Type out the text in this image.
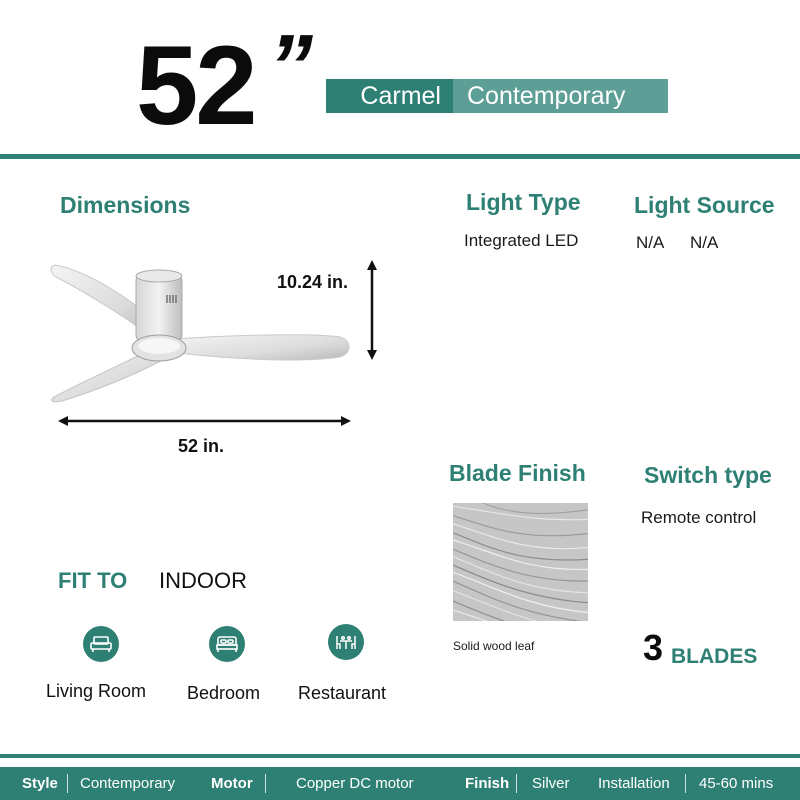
52 ”	Carmel	Contemporary
Dimensions
10.24 in.
52 in.
Light Type
Integrated LED
Light Source
N/A N/A
Blade Finish
Solid wood leaf
Switch type
Remote control
3 BLADES
FIT TO INDOOR
Living Room Bedroom Restaurant
Style Contemporary Motor	Copper DC motor	Finish Silver Installation 45-60 mins
